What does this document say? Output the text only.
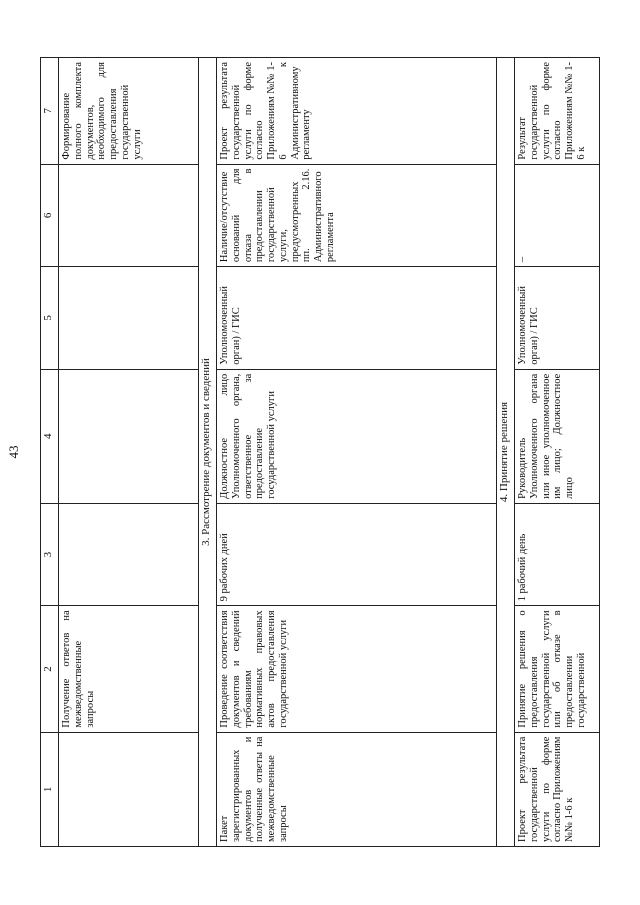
43
1	2	3	4	5	6	7
	Получение ответов на межведомственные запросы					Формирование полного комплекта документов, необходимого для предоставления государственной услуги
3. Рассмотрение документов и сведений						
Пакет зарегистрированных документов и полученные ответы на межведомственные запросы	Проведение соответствия документов и сведений требованиям нормативных правовых актов предоставления государственной услуги	9 рабочих дней	Должностное лицо Уполномоченного органа, ответственное за предоставление государственной услуги	Уполномоченный орган) / ГИС	Наличие/отсутствие оснований для отказа в предоставлении государственной услуги, предусмотренных пп. 2.16. Административного регламента	Проект результата государственной услуги по форме согласно Приложениям №№ 1-6 к Административному регламенту
4. Принятие решения						
Проект результата государственной услуги по форме согласно Приложениям №№ 1-6 к	Принятие решения о предоставления государственной услуги или об отказе в предоставлении государственной	1 рабочий день	Руководитель Уполномоченного органа или иное уполномоченное им лицо; Должностное лицо	Уполномоченный орган) / ГИС	–	Результат государственной услуги по форме согласно Приложениям №№ 1-6 к
